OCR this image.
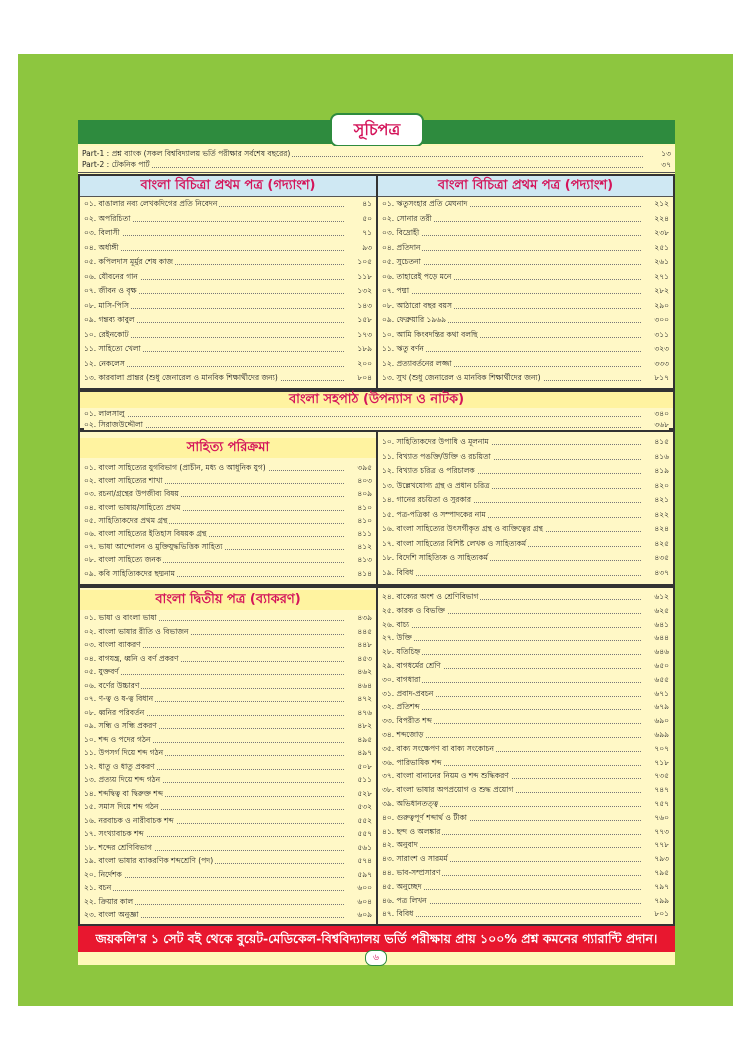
সূচিপত্র
Part-1 : প্রশ্ন ব্যাংক (সকল বিশ্ববিদ্যালয় ভর্তি পরীক্ষার সর্বশেষ বছরের)	১৩
Part-2 : টেকনিক পার্ট	৩৭
বাংলা বিচিত্রা প্রথম পত্র (গদ্যাংশ)
০১. বাঙালার নব্য লেখকদিগের প্রতি নিবেদন	৪১
০২. অপরিচিতা	৫০
০৩. বিলাসী	৭১
০৪. অর্ধাঙ্গী	৯৩
০৫. কপিলদাস মূর্মুর শেষ কাজ	১০৫
০৬. যৌবনের গান	১১৮
০৭. জীবন ও বৃক্ষ	১৩২
০৮. মাসি-পিসি	১৪৩
০৯. গন্তব্য কাবুল	১৫৮
১০. রেইনকোট	১৭৩
১১. সাহিত্যে খেলা	১৮৯
১২. নেকলেস	২০০
১৩. কারবালা প্রান্তর (শুধু জেনারেল ও মানবিক শিক্ষার্থীদের জন্য)	৮০৪
বাংলা বিচিত্রা প্রথম পত্র (পদ্যাংশ)
০১. ঋতুসংহার প্রতি মেঘনাদ	২১২
০২. সোনার তরী	২২৪
০৩. বিদ্রোহী	২৩৮
০৪. প্রতিদান	২৫১
০৫. সুচেতনা	২৬১
০৬. তাহারেই পড়ে মনে	২৭১
০৭. পদ্মা	২৮২
০৮. আঠারো বছর বয়স	২৯০
০৯. ফেব্রুয়ারি ১৯৬৯	৩০০
১০. আমি কিংবদন্তির কথা বলছি	৩১১
১১. ঋতু বর্ণন	৩২৩
১২. প্রত্যাবর্তনের লজ্জা	৩৩৩
১৩. সুখ (শুধু জেনারেল ও মানবিক শিক্ষার্থীদের জন্য)	৮১৭
বাংলা সহপাঠ (উপন্যাস ও নাটক)
০১. লালসালু	৩৪০
০২. সিরাজউদ্দৌলা	৩৬৮
সাহিত্য পরিক্রমা
০১. বাংলা সাহিত্যের যুগবিভাগ (প্রাচীন, মধ্য ও আধুনিক যুগ)	৩৯৫
০২. বাংলা সাহিত্যের শাখা	৪০৩
০৩. রচনা/গ্রন্থের উপজীব্য বিষয়	৪০৯
০৪. বাংলা ভাষায়/সাহিত্যে প্রথম	৪১০
০৫. সাহিত্যিকদের প্রথম গ্রন্থ	৪১০
০৬. বাংলা সাহিত্যের ইতিহাস বিষয়ক গ্রন্থ	৪১১
০৭. ভাষা আন্দোলন ও মুক্তিযুদ্ধভিত্তিক সাহিত্য	৪১২
০৮. বাংলা সাহিত্যে জনক	৪১৩
০৯. কবি সাহিত্যিকদের ছদ্মনাম	৪১৪
১০. সাহিত্যিকদের উপাধি ও মূলনাম	৪১৫
১১. বিখ্যাত পঙক্তি/উক্তি ও রচয়িতা	৪১৬
১২. বিখ্যাত চরিত্র ও পরিচালক	৪১৯
১৩. উল্লেখযোগ্য গ্রন্থ ও প্রধান চরিত্র	৪২০
১৪. গানের রচয়িতা ও সুরকার	৪২১
১৫. পত্র-পত্রিকা ও সম্পাদকের নাম	৪২২
১৬. বাংলা সাহিত্যের উৎসর্গীকৃত গ্রন্থ ও ব্যক্তিত্বের গ্রন্থ	৪২৪
১৭. বাংলা সাহিত্যের বিশিষ্ট লেখক ও সাহিত্যকর্ম	৪২৫
১৮. বিদেশি সাহিত্যিক ও সাহিত্যকর্ম	৪৩৫
১৯. বিবিধ	৪৩৭
বাংলা দ্বিতীয় পত্র (ব্যাকরণ)
০১. ভাষা ও বাংলা ভাষা	৪৩৯
০২. বাংলা ভাষার রীতি ও বিভাজন	৪৪৫
০৩. বাংলা ব্যাকরণ	৪৪৮
০৪. বাগযন্ত্র, ধ্বনি ও বর্ণ প্রকরণ	৪৫৩
০৫. যুক্তবর্ণ	৪৬২
০৬. বর্ণের উচ্চারণ	৪৬৪
০৭. ণ-ত্ব ও ষ-ত্ব বিধান	৪৭২
০৮. ধ্বনির পরিবর্তন	৪৭৬
০৯. সন্ধি ও সন্ধি প্রকরণ	৪৮২
১০. শব্দ ও পদের গঠন	৪৯৫
১১. উপসর্গ দিয়ে শব্দ গঠন	৪৯৭
১২. ধাতু ও ধাতু প্রকরণ	৫০৮
১৩. প্রত্যয় দিয়ে শব্দ গঠন	৫১১
১৪. শব্দদ্বিত্ব বা দ্বিরুক্ত শব্দ	৫২৮
১৫. সমাস দিয়ে শব্দ গঠন	৫৩২
১৬. নরবাচক ও নারীবাচক শব্দ	৫৫২
১৭. সংখ্যাবাচক শব্দ	৫৫৭
১৮. শব্দের শ্রেণিবিভাগ	৫৬১
১৯. বাংলা ভাষার ব্যাকরণিক শব্দশ্রেণি (পদ)	৫৭৪
২০. নির্দেশক	৫৯৭
২১. বচন	৬০০
২২. ক্রিয়ার কাল	৬০৪
২৩. বাংলা অনুজ্ঞা	৬০৯
২৪. বাক্যের অংশ ও শ্রেণিবিভাগ	৬১২
২৫. কারক ও বিভক্তি	৬২৫
২৬. বাচ্য	৬৪১
২৭. উক্তি	৬৪৪
২৮. যতিচিহ্ন	৬৪৬
২৯. বাগধর্মের শ্রেণি	৬৫০
৩০. বাগধারা	৬৫৫
৩১. প্রবাদ-প্রবচন	৬৭১
৩২. প্রতিশব্দ	৬৭৯
৩৩. বিপরীত শব্দ	৬৯০
৩৪. শব্দজোড়	৬৯৯
৩৫. বাক্য সংক্ষেপণ বা বাক্য সংকোচন	৭০৭
৩৬. পারিভাষিক শব্দ	৭১৮
৩৭. বাংলা বানানের নিয়ম ও শব্দ শুদ্ধিকরণ	৭৩৫
৩৮. বাংলা ভাষার অপপ্রয়োগ ও শুদ্ধ প্রয়োগ	৭৪৭
৩৯. অভিধানতত্ত্ব	৭৫৭
৪০. গুরুত্বপূর্ণ শব্দার্থ ও টীকা	৭৬০
৪১. ছন্দ ও অলঙ্কার	৭৭৩
৪২. অনুবাদ	৭৭৮
৪৩. সারাংশ ও সারমর্ম	৭৯৩
৪৪. ভাব-সম্প্রসারণ	৭৯৫
৪৫. অনুচ্ছেদ	৭৯৭
৪৬. পত্র লিখন	৭৯৯
৪৭. বিবিধ	৮০১
জয়কলি'র ১ সেট বই থেকে বুয়েট-মেডিকেল-বিশ্ববিদ্যালয় ভর্তি পরীক্ষায় প্রায় ১০০% প্রশ্ন কমনের গ্যারান্টি প্রদান।
৬
